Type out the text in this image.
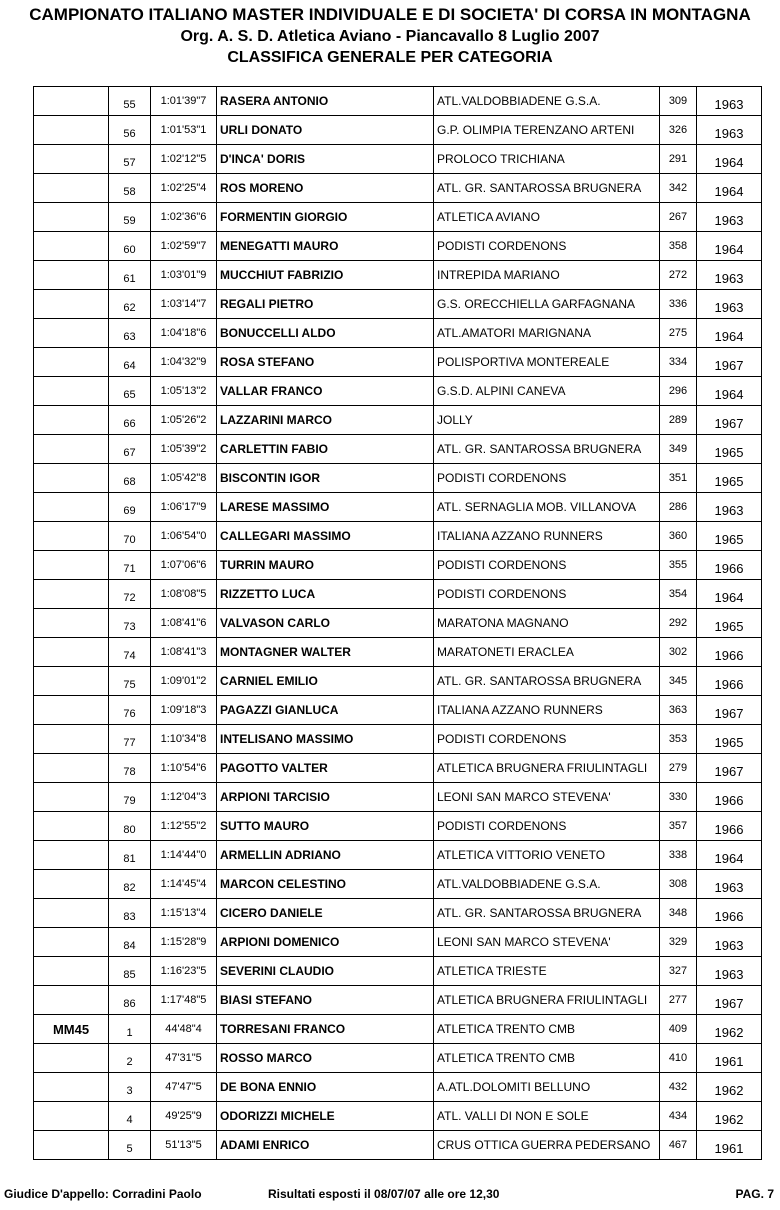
CAMPIONATO ITALIANO MASTER INDIVIDUALE E DI SOCIETA' DI CORSA IN MONTAGNA
Org. A. S. D. Atletica Aviano - Piancavallo 8 Luglio 2007
CLASSIFICA GENERALE PER CATEGORIA
	55	1:01'39"7	RASERA ANTONIO	ATL.VALDOBBIADENE G.S.A.	309	1963
	56	1:01'53"1	URLI DONATO	G.P. OLIMPIA TERENZANO ARTENI	326	1963
	57	1:02'12"5	D'INCA' DORIS	PROLOCO TRICHIANA	291	1964
	58	1:02'25"4	ROS MORENO	ATL. GR. SANTAROSSA BRUGNERA	342	1964
	59	1:02'36"6	FORMENTIN GIORGIO	ATLETICA AVIANO	267	1963
	60	1:02'59"7	MENEGATTI MAURO	PODISTI CORDENONS	358	1964
	61	1:03'01"9	MUCCHIUT FABRIZIO	INTREPIDA MARIANO	272	1963
	62	1:03'14"7	REGALI PIETRO	G.S. ORECCHIELLA GARFAGNANA	336	1963
	63	1:04'18"6	BONUCCELLI ALDO	ATL.AMATORI MARIGNANA	275	1964
	64	1:04'32"9	ROSA STEFANO	POLISPORTIVA MONTEREALE	334	1967
	65	1:05'13"2	VALLAR FRANCO	G.S.D. ALPINI CANEVA	296	1964
	66	1:05'26"2	LAZZARINI MARCO	JOLLY	289	1967
	67	1:05'39"2	CARLETTIN FABIO	ATL. GR. SANTAROSSA BRUGNERA	349	1965
	68	1:05'42"8	BISCONTIN IGOR	PODISTI CORDENONS	351	1965
	69	1:06'17"9	LARESE MASSIMO	ATL. SERNAGLIA MOB. VILLANOVA	286	1963
	70	1:06'54"0	CALLEGARI MASSIMO	ITALIANA AZZANO RUNNERS	360	1965
	71	1:07'06"6	TURRIN MAURO	PODISTI CORDENONS	355	1966
	72	1:08'08"5	RIZZETTO LUCA	PODISTI CORDENONS	354	1964
	73	1:08'41"6	VALVASON CARLO	MARATONA MAGNANO	292	1965
	74	1:08'41"3	MONTAGNER WALTER	MARATONETI ERACLEA	302	1966
	75	1:09'01"2	CARNIEL EMILIO	ATL. GR. SANTAROSSA BRUGNERA	345	1966
	76	1:09'18"3	PAGAZZI GIANLUCA	ITALIANA AZZANO RUNNERS	363	1967
	77	1:10'34"8	INTELISANO MASSIMO	PODISTI CORDENONS	353	1965
	78	1:10'54"6	PAGOTTO VALTER	ATLETICA BRUGNERA FRIULINTAGLI	279	1967
	79	1:12'04"3	ARPIONI TARCISIO	LEONI SAN MARCO STEVENA'	330	1966
	80	1:12'55"2	SUTTO MAURO	PODISTI CORDENONS	357	1966
	81	1:14'44"0	ARMELLIN ADRIANO	ATLETICA VITTORIO VENETO	338	1964
	82	1:14'45"4	MARCON CELESTINO	ATL.VALDOBBIADENE G.S.A.	308	1963
	83	1:15'13"4	CICERO DANIELE	ATL. GR. SANTAROSSA BRUGNERA	348	1966
	84	1:15'28"9	ARPIONI DOMENICO	LEONI SAN MARCO STEVENA'	329	1963
	85	1:16'23"5	SEVERINI CLAUDIO	ATLETICA TRIESTE	327	1963
	86	1:17'48"5	BIASI STEFANO	ATLETICA BRUGNERA FRIULINTAGLI	277	1967
MM45	1	44'48"4	TORRESANI FRANCO	ATLETICA TRENTO CMB	409	1962
	2	47'31"5	ROSSO MARCO	ATLETICA TRENTO CMB	410	1961
	3	47'47"5	DE BONA ENNIO	A.ATL.DOLOMITI BELLUNO	432	1962
	4	49'25"9	ODORIZZI MICHELE	ATL. VALLI DI NON E SOLE	434	1962
	5	51'13"5	ADAMI ENRICO	CRUS OTTICA GUERRA PEDERSANO	467	1961
Giudice D'appello: Corradini Paolo	Risultati esposti il 08/07/07 alle ore 12,30	PAG. 7
